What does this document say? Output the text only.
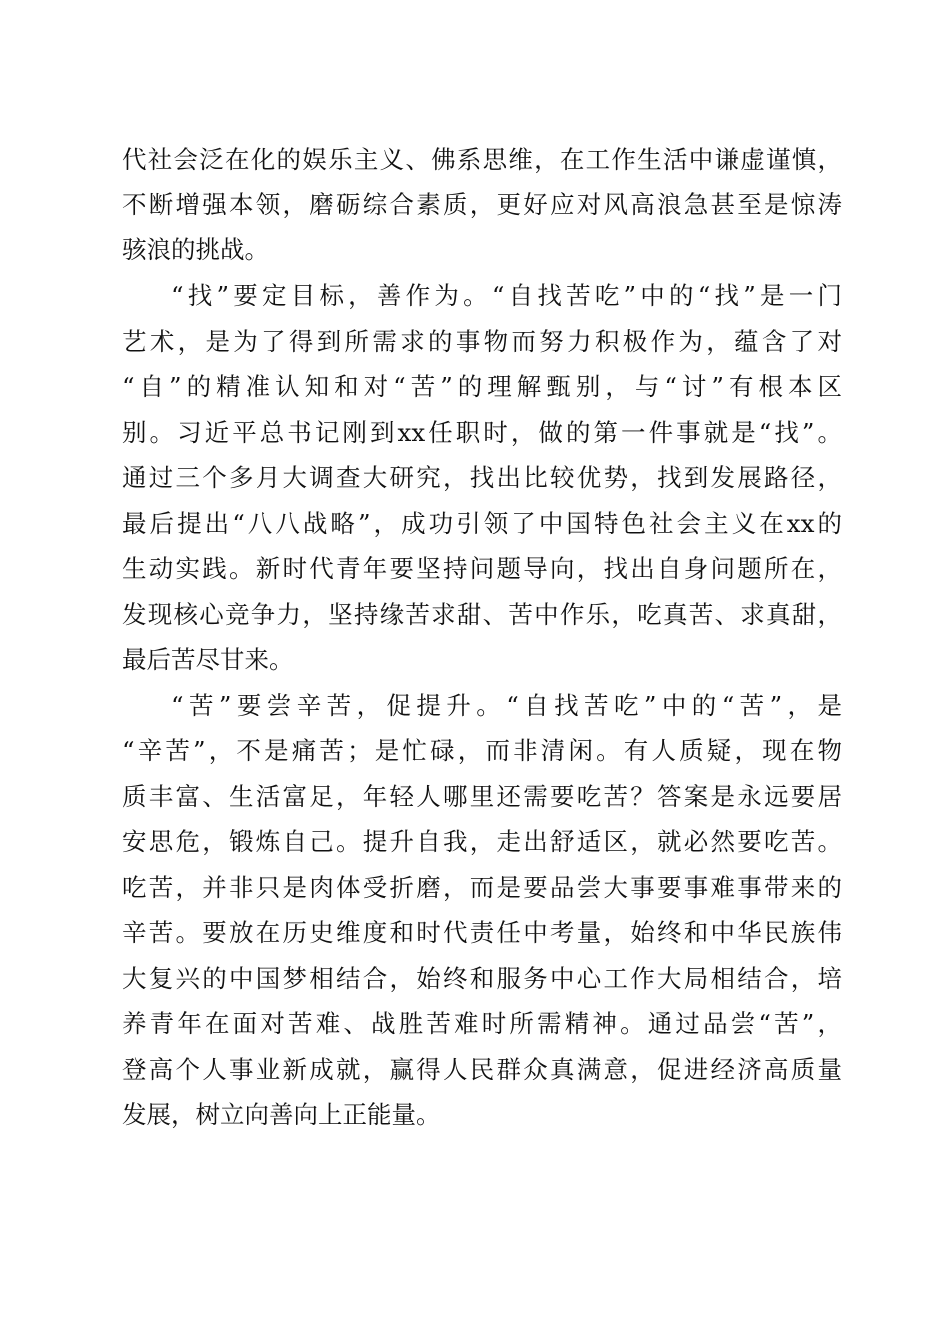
代社会泛在化的娱乐主义、佛系思维，在工作生活中谦虚谨慎，
不断增强本领，磨砺综合素质，更好应对风高浪急甚至是惊涛
骇浪的挑战。
“找”要定目标，善作为。“自找苦吃”中的“找”是一门
艺术，是为了得到所需求的事物而努力积极作为，蕴含了对
“自”的精准认知和对“苦”的理解甄别，与“讨”有根本区
别。习近平总书记刚到xx任职时，做的第一件事就是“找”。
通过三个多月大调查大研究，找出比较优势，找到发展路径，
最后提出“八八战略”，成功引领了中国特色社会主义在xx的
生动实践。新时代青年要坚持问题导向，找出自身问题所在，
发现核心竞争力，坚持缘苦求甜、苦中作乐，吃真苦、求真甜，
最后苦尽甘来。
“苦”要尝辛苦，促提升。“自找苦吃”中的“苦”，是
“辛苦”，不是痛苦；是忙碌，而非清闲。有人质疑，现在物
质丰富、生活富足，年轻人哪里还需要吃苦？答案是永远要居
安思危，锻炼自己。提升自我，走出舒适区，就必然要吃苦。
吃苦，并非只是肉体受折磨，而是要品尝大事要事难事带来的
辛苦。要放在历史维度和时代责任中考量，始终和中华民族伟
大复兴的中国梦相结合，始终和服务中心工作大局相结合，培
养青年在面对苦难、战胜苦难时所需精神。通过品尝“苦”，
登高个人事业新成就，赢得人民群众真满意，促进经济高质量
发展，树立向善向上正能量。
